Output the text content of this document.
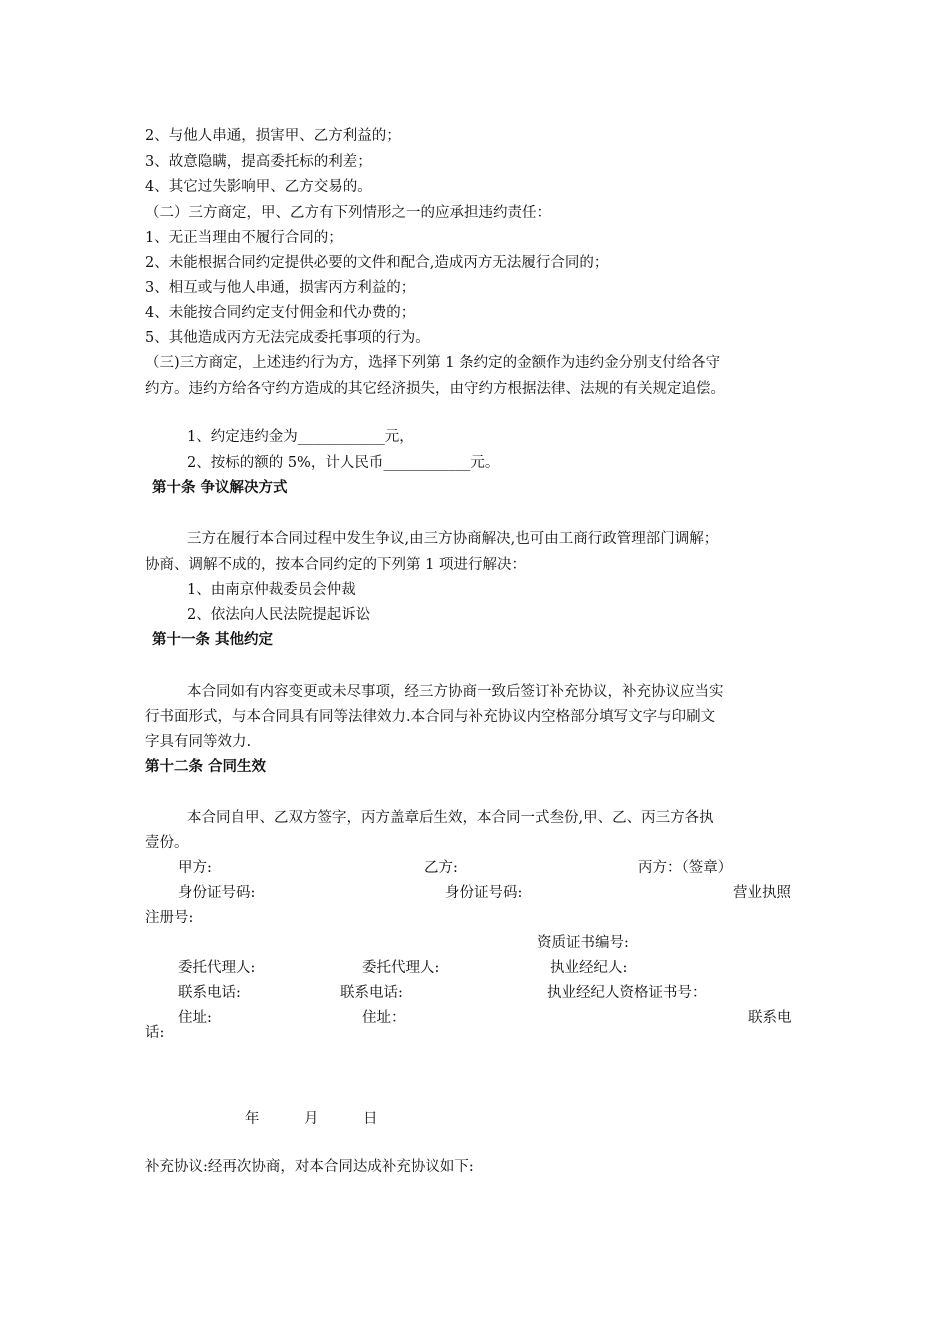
2、与他人串通，损害甲、乙方利益的；
3、故意隐瞒，提高委托标的利差；
4、其它过失影响甲、乙方交易的。
（二）三方商定，甲、乙方有下列情形之一的应承担违约责任：
1、无正当理由不履行合同的；
2、未能根据合同约定提供必要的文件和配合,造成丙方无法履行合同的；
3、相互或与他人串通，损害丙方利益的；
4、未能按合同约定支付佣金和代办费的；
5、其他造成丙方无法完成委托事项的行为。
（三)三方商定，上述违约行为方，选择下列第 1 条约定的金额作为违约金分别支付给各守
约方。违约方给各守约方造成的其它经济损失，由守约方根据法律、法规的有关规定追偿。
1、约定违约金为____________元，
2、按标的额的 5%，计人民币____________元。
第十条 争议解决方式
三方在履行本合同过程中发生争议,由三方协商解决,也可由工商行政管理部门调解；
协商、调解不成的，按本合同约定的下列第 1 项进行解决：
1、由南京仲裁委员会仲裁
2、依法向人民法院提起诉讼
第十一条 其他约定
本合同如有内容变更或未尽事项，经三方协商一致后签订补充协议，补充协议应当实
行书面形式，与本合同具有同等法律效力.本合同与补充协议内空格部分填写文字与印刷文
字具有同等效力.
第十二条 合同生效
本合同自甲、乙双方签字，丙方盖章后生效，本合同一式叁份,甲、乙、丙三方各执
壹份。
甲方:	乙方:	丙方：（签章）
身份证号码:	身份证号码:	营业执照
注册号:
资质证书编号:
委托代理人:	委托代理人:	执业经纪人:
联系电话:	联系电话:	执业经纪人资格证书号：
住址:	住址：	联系电
话:
年	月	日
补充协议:经再次协商，对本合同达成补充协议如下:
